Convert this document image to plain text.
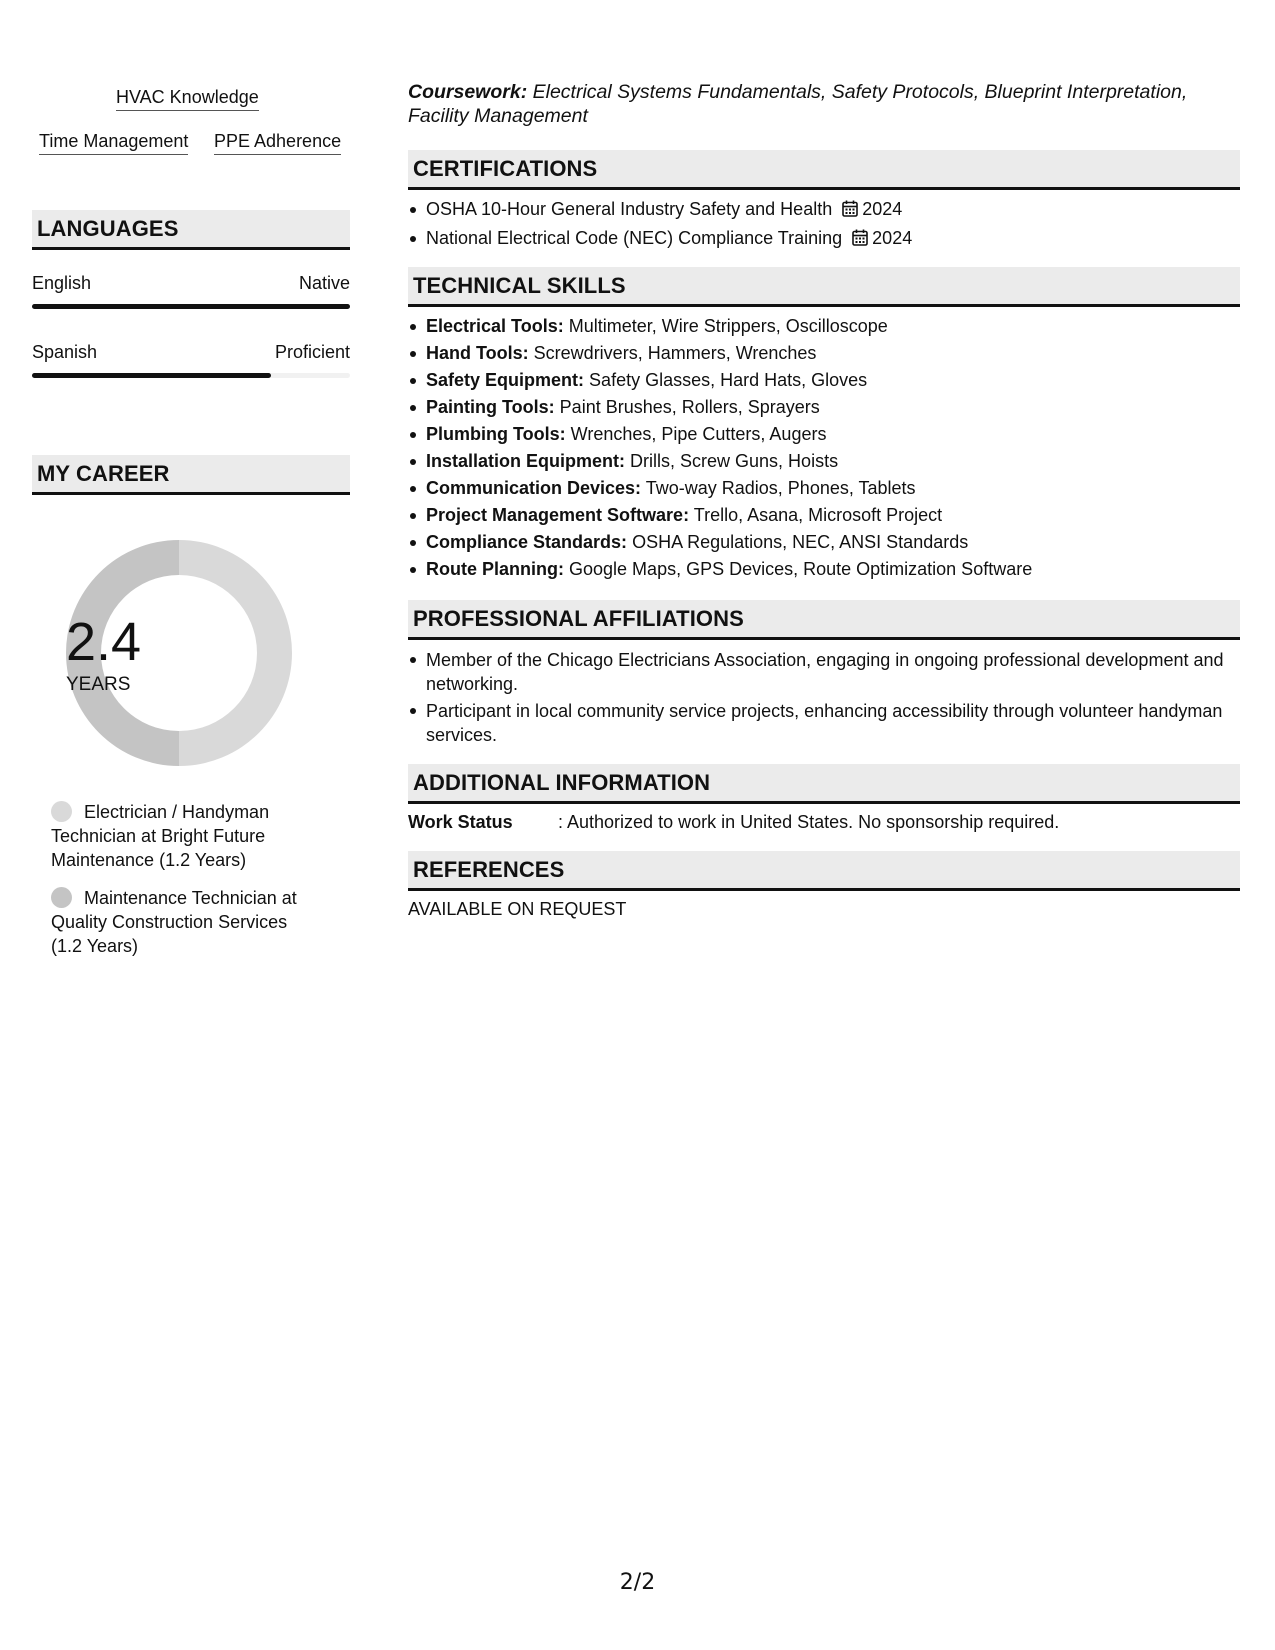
HVAC Knowledge
Time Management PPE Adherence
LANGUAGES
English	Native
Spanish	Proficient
MY CAREER
2.4
YEARS
Electrician / Handyman Technician at Bright Future Maintenance (1.2 Years)
Maintenance Technician at Quality Construction Services (1.2 Years)
Coursework: Electrical Systems Fundamentals, Safety Protocols, Blueprint Interpretation, Facility Management
CERTIFICATIONS
OSHA 10-Hour General Industry Safety and Health 2024
National Electrical Code (NEC) Compliance Training 2024
TECHNICAL SKILLS
Electrical Tools: Multimeter, Wire Strippers, Oscilloscope
Hand Tools: Screwdrivers, Hammers, Wrenches
Safety Equipment: Safety Glasses, Hard Hats, Gloves
Painting Tools: Paint Brushes, Rollers, Sprayers
Plumbing Tools: Wrenches, Pipe Cutters, Augers
Installation Equipment: Drills, Screw Guns, Hoists
Communication Devices: Two-way Radios, Phones, Tablets
Project Management Software: Trello, Asana, Microsoft Project
Compliance Standards: OSHA Regulations, NEC, ANSI Standards
Route Planning: Google Maps, GPS Devices, Route Optimization Software
PROFESSIONAL AFFILIATIONS
Member of the Chicago Electricians Association, engaging in ongoing professional development and networking.
Participant in local community service projects, enhancing accessibility through volunteer handyman services.
ADDITIONAL INFORMATION
Work Status	: Authorized to work in United States. No sponsorship required.
REFERENCES
AVAILABLE ON REQUEST
2/2
